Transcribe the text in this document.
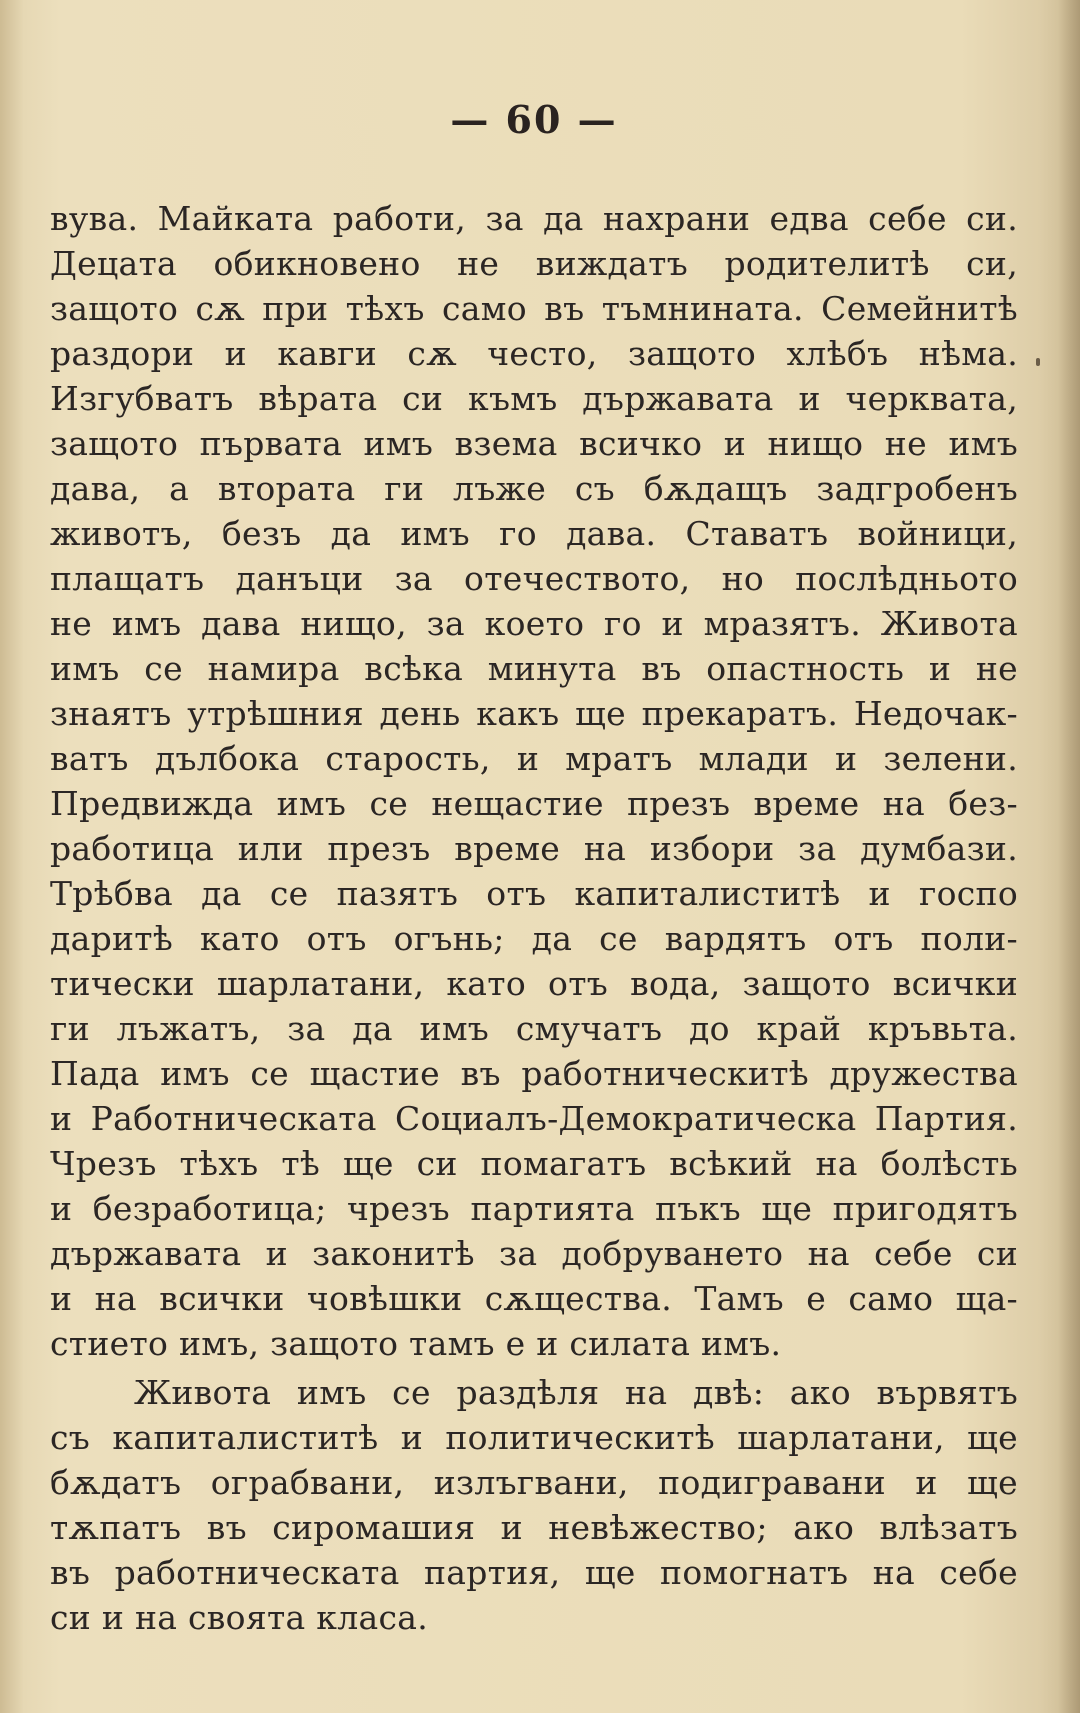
— 60 —
вува. Майката работи, за да нахрани едва себе си.
Децата обикновено не виждатъ родителитѣ си,
защото сѫ при тѣхъ само въ тъмнината. Семейнитѣ
раздори и кавги сѫ често, защото хлѣбъ нѣма.
Изгубватъ вѣрата си къмъ държавата и черквата,
защото първата имъ взема всичко и нищо не имъ
дава, а втората ги лъже съ бѫдащъ задгробенъ
животъ, безъ да имъ го дава. Ставатъ войници,
плащатъ данъци за отечеството, но послѣдньото
не имъ дава нищо, за което го и мразятъ. Живота
имъ се намира всѣка минута въ опастность и не
знаятъ утрѣшния день какъ ще прекаратъ. Недочак-
ватъ дълбока старость, и мратъ млади и зелени.
Предвижда имъ се нещастие презъ време на без-
работица или презъ време на избори за думбази.
Трѣбва да се пазятъ отъ капиталиститѣ и госпо
даритѣ като отъ огънь; да се вардятъ отъ поли-
тически шарлатани, като отъ вода, защото всички
ги лъжатъ, за да имъ смучатъ до край кръвьта.
Пада имъ се щастие въ работническитѣ дружества
и Работническата Социалъ-Демократическа Партия.
Чрезъ тѣхъ тѣ ще си помагатъ всѣкий на болѣсть
и безработица; чрезъ партията пъкъ ще пригодятъ
държавата и законитѣ за добруването на себе си
и на всички човѣшки сѫщества. Тамъ е само ща-
стието имъ, защото тамъ е и силата имъ.
Живота имъ се раздѣля на двѣ: ако вървятъ
съ капиталиститѣ и политическитѣ шарлатани, ще
бѫдатъ ограбвани, излъгвани, подигравани и ще
тѫпатъ въ сиромашия и невѣжество; ако влѣзатъ
въ работническата партия, ще помогнатъ на себе
си и на своята класа.
